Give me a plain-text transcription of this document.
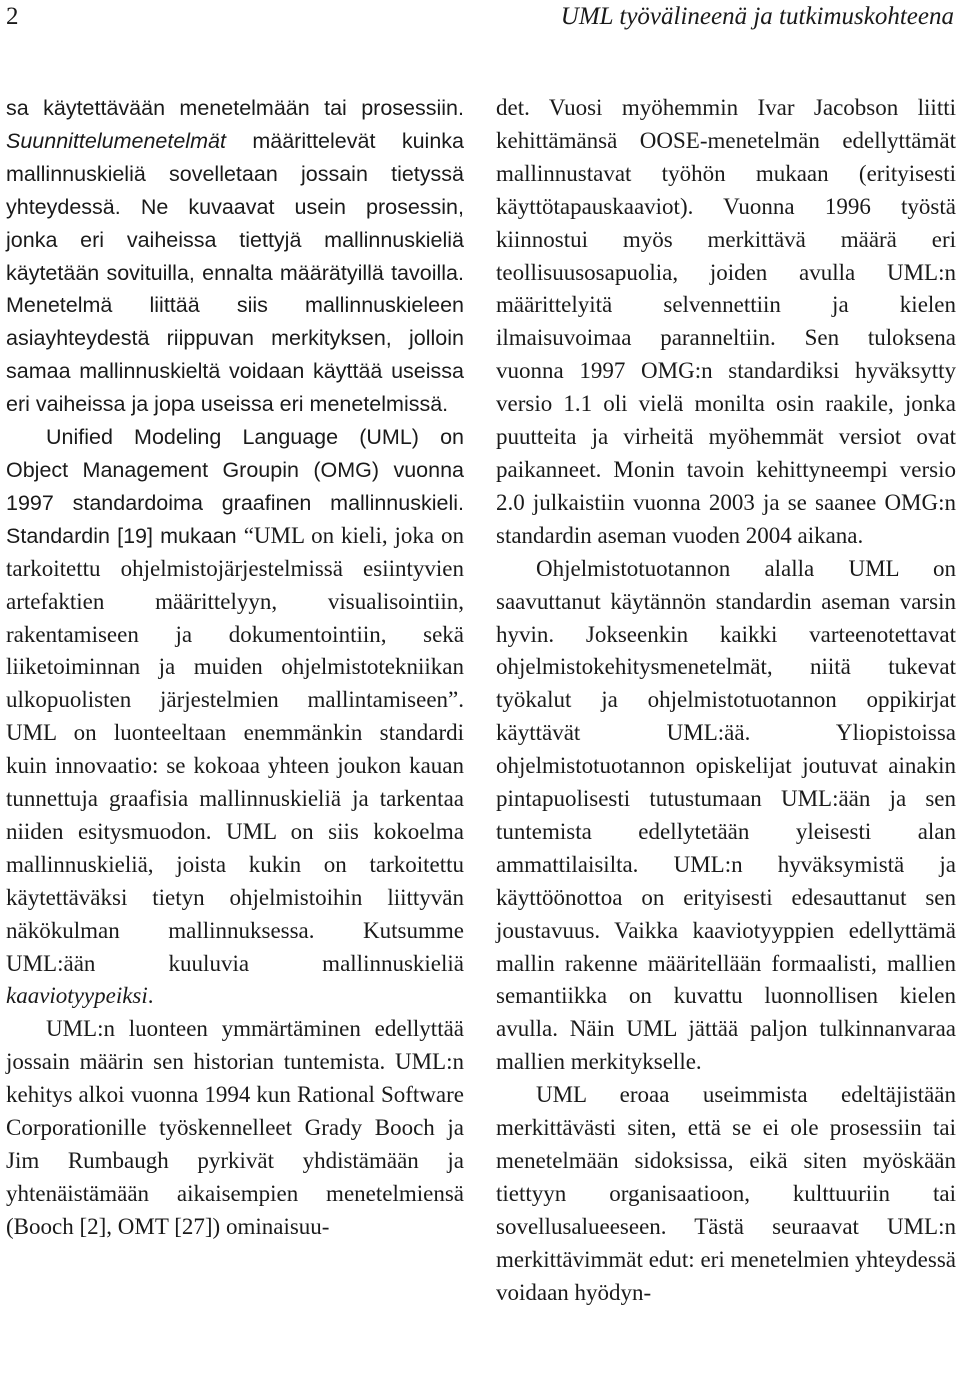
2	UML työvälineenä ja tutkimuskohteena

sa käytettävään menetelmään tai prosessiin. Suunnittelumenetelmät määrittelevät kuinka mallinnuskieliä sovelletaan jossain tietyssä yhteydessä. Ne kuvaavat usein prosessin, jonka eri vaiheissa tiettyjä mallinnuskieliä käytetään sovituilla, ennalta määrätyillä tavoilla. Menetelmä liittää siis mallinnuskieleen asiayhteydestä riippuvan merkityksen, jolloin samaa mallinnuskieltä voidaan käyttää useissa eri vaiheissa ja jopa useissa eri menetelmissä.

Unified Modeling Language (UML) on Object Management Groupin (OMG) vuonna 1997 standardoima graafinen mallinnuskieli. Standardin [19] mukaan “UML on kieli, joka on tarkoitettu ohjelmistojärjestelmissä esiintyvien artefaktien määrittelyyn, visualisointiin, rakentamiseen ja dokumentointiin, sekä liiketoiminnan ja muiden ohjelmistotekniikan ulkopuolisten järjestelmien mallintamiseen”. UML on luonteeltaan enemmänkin standardi kuin innovaatio: se kokoaa yhteen joukon kauan tunnettuja graafisia mallinnuskieliä ja tarkentaa niiden esitysmuodon. UML on siis kokoelma mallinnuskieliä, joista kukin on tarkoitettu käytettäväksi tietyn ohjelmistoihin liittyvän näkökulman mallinnuksessa. Kutsumme UML:ään kuuluvia mallinnuskieliä kaaviotyypeiksi.

UML:n luonteen ymmärtäminen edellyttää jossain määrin sen historian tuntemista. UML:n kehitys alkoi vuonna 1994 kun Rational Software Corporationille työskennelleet Grady Booch ja Jim Rumbaugh pyrkivät yhdistämään ja yhtenäistämään aikaisempien menetelmiensä (Booch [2], OMT [27]) ominaisuu-

det. Vuosi myöhemmin Ivar Jacobson liitti kehittämänsä OOSE-menetelmän edellyttämät mallinnustavat työhön mukaan (erityisesti käyttötapauskaaviot). Vuonna 1996 työstä kiinnostui myös merkittävä määrä eri teollisuusosapuolia, joiden avulla UML:n määrittelyitä selvennettiin ja kielen ilmaisuvoimaa paranneltiin. Sen tuloksena vuonna 1997 OMG:n standardiksi hyväksytty versio 1.1 oli vielä monilta osin raakile, jonka puutteita ja virheitä myöhemmät versiot ovat paikanneet. Monin tavoin kehittyneempi versio 2.0 julkaistiin vuonna 2003 ja se saanee OMG:n standardin aseman vuoden 2004 aikana.

Ohjelmistotuotannon alalla UML on saavuttanut käytännön standardin aseman varsin hyvin. Jokseenkin kaikki varteenotettavat ohjelmistokehitysmenetelmät, niitä tukevat työkalut ja ohjelmistotuotannon oppikirjat käyttävät UML:ää. Yliopistoissa ohjelmistotuotannon opiskelijat joutuvat ainakin pintapuolisesti tutustumaan UML:ään ja sen tuntemista edellytetään yleisesti alan ammattilaisilta. UML:n hyväksymistä ja käyttöönottoa on erityisesti edesauttanut sen joustavuus. Vaikka kaaviotyyppien edellyttämä mallin rakenne määritellään formaalisti, mallien semantiikka on kuvattu luonnollisen kielen avulla. Näin UML jättää paljon tulkinnanvaraa mallien merkitykselle.

UML eroaa useimmista edeltäjistään merkittävästi siten, että se ei ole prosessiin tai menetelmään sidoksissa, eikä siten myöskään tiettyyn organisaatioon, kulttuuriin tai sovellusalueeseen. Tästä seuraavat UML:n merkittävimmät edut: eri menetelmien yhteydessä voidaan hyödyn-
